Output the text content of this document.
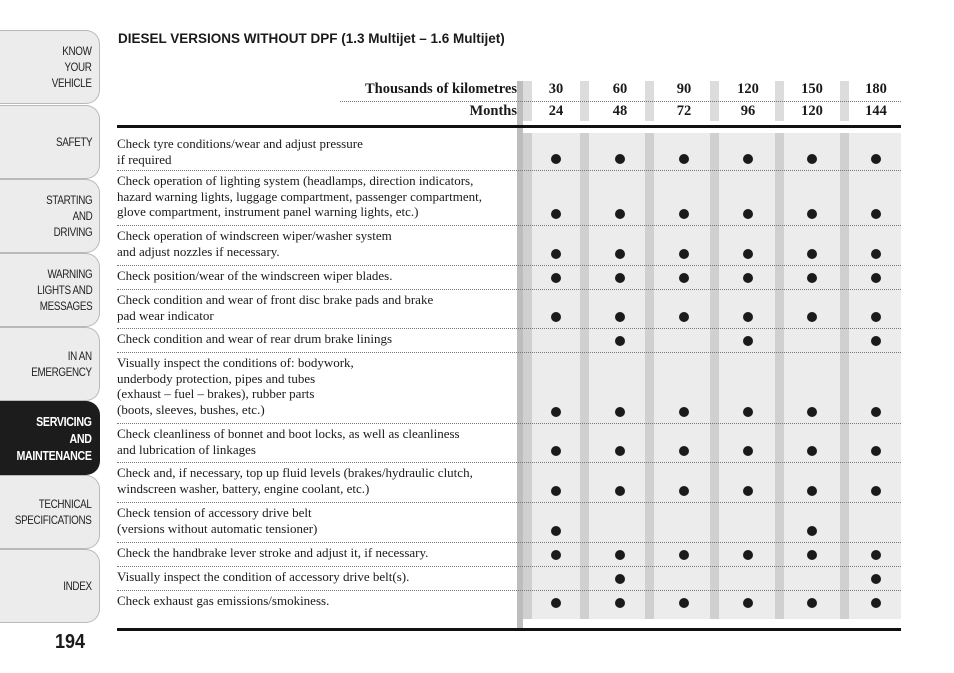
KNOW
YOUR
VEHICLE
SAFETY
STARTING
AND
DRIVING
WARNING
LIGHTS AND
MESSAGES
IN AN
EMERGENCY
SERVICING
AND
MAINTENANCE
TECHNICAL
SPECIFICATIONS
INDEX
DIESEL VERSIONS WITHOUT DPF (1.3 Multijet – 1.6 Multijet)
Thousands of kilometres
Months
30
24
60
48
90
72
120
96
150
120
180
144
Check tyre conditions/wear and adjust pressure
if required
Check operation of lighting system (headlamps, direction indicators,
hazard warning lights, luggage compartment, passenger compartment,
glove compartment, instrument panel warning lights, etc.)
Check operation of windscreen wiper/washer system
and adjust nozzles if necessary.
Check position/wear of the windscreen wiper blades.
Check condition and wear of front disc brake pads and brake
pad wear indicator
Check condition and wear of rear drum brake linings
Visually inspect the conditions of: bodywork,
underbody protection, pipes and tubes
(exhaust – fuel – brakes), rubber parts
(boots, sleeves, bushes, etc.)
Check cleanliness of bonnet and boot locks, as well as cleanliness
and lubrication of linkages
Check and, if necessary, top up fluid levels (brakes/hydraulic clutch,
windscreen washer, battery, engine coolant, etc.)
Check tension of accessory drive belt
(versions without automatic tensioner)
Check the handbrake lever stroke and adjust it, if necessary.
Visually inspect the condition of accessory drive belt(s).
Check exhaust gas emissions/smokiness.
194
